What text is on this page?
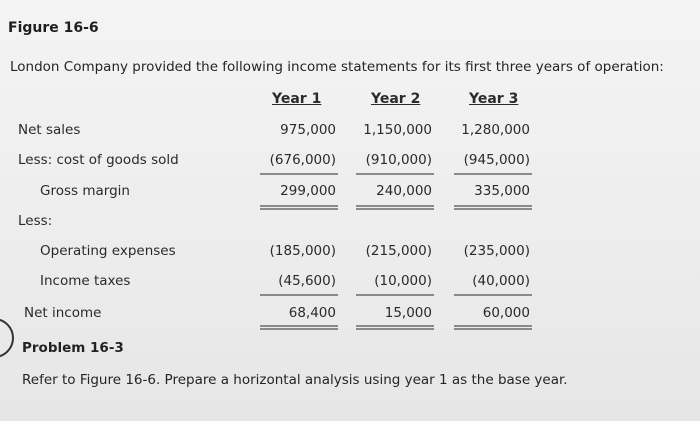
Figure 16-6
London Company provided the following income statements for its first three years of operation:
Year 1	Year 2	Year 3
Net sales	975,000	1,150,000	1,280,000
Less: cost of goods sold	(676,000)	(910,000)	(945,000)
Gross margin	299,000	240,000	335,000
Less:
Operating expenses	(185,000)	(215,000)	(235,000)
Income taxes	(45,600)	(10,000)	(40,000)
Net income	68,400	15,000	60,000
Problem 16-3
Refer to Figure 16-6. Prepare a horizontal analysis using year 1 as the base year.
